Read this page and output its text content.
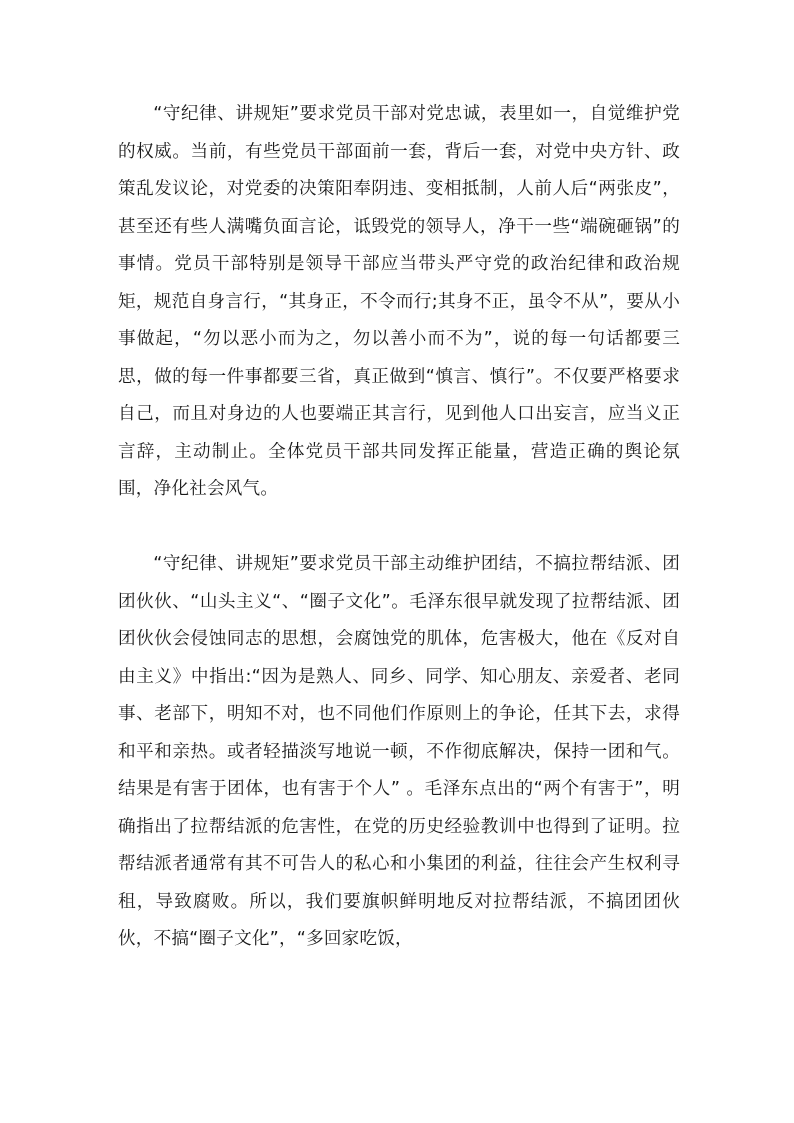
“守纪律、讲规矩”要求党员干部对党忠诚，表里如一，自觉维护党的权威。当前，有些党员干部面前一套，背后一套，对党中央方针、政策乱发议论，对党委的决策阳奉阴违、变相抵制，人前人后“两张皮”，甚至还有些人满嘴负面言论，诋毁党的领导人，净干一些“端碗砸锅”的事情。党员干部特别是领导干部应当带头严守党的政治纪律和政治规矩，规范自身言行，“其身正，不令而行;其身不正，虽令不从”，要从小事做起，“勿以恶小而为之，勿以善小而不为”，说的每一句话都要三思，做的每一件事都要三省，真正做到“慎言、慎行”。不仅要严格要求自己，而且对身边的人也要端正其言行，见到他人口出妄言，应当义正言辞，主动制止。全体党员干部共同发挥正能量，营造正确的舆论氛围，净化社会风气。

“守纪律、讲规矩”要求党员干部主动维护团结，不搞拉帮结派、团团伙伙、“山头主义“、“圈子文化”。毛泽东很早就发现了拉帮结派、团团伙伙会侵蚀同志的思想，会腐蚀党的肌体，危害极大，他在《反对自由主义》中指出:“因为是熟人、同乡、同学、知心朋友、亲爱者、老同事、老部下，明知不对，也不同他们作原则上的争论，任其下去，求得和平和亲热。或者轻描淡写地说一顿，不作彻底解决，保持一团和气。结果是有害于团体，也有害于个人” 。毛泽东点出的“两个有害于”，明确指出了拉帮结派的危害性，在党的历史经验教训中也得到了证明。拉帮结派者通常有其不可告人的私心和小集团的利益，往往会产生权利寻租，导致腐败。所以，我们要旗帜鲜明地反对拉帮结派，不搞团团伙伙，不搞“圈子文化”，“多回家吃饭，
